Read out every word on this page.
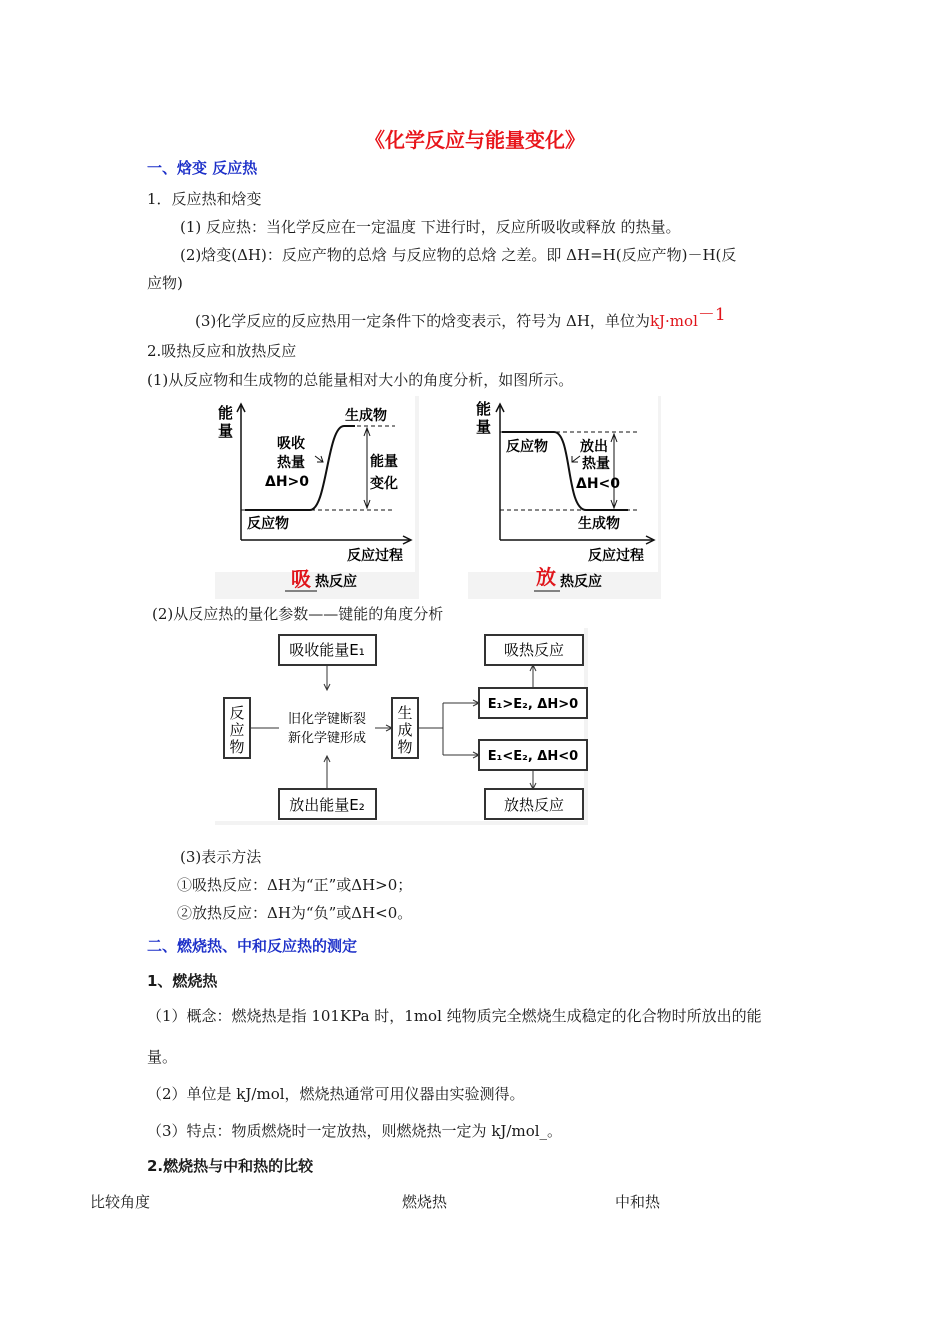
《化学反应与能量变化》
一、焓变 反应热
1．反应热和焓变
(1) 反应热：当化学反应在一定温度 下进行时，反应所吸收或释放 的热量。
(2)焓变(ΔH)：反应产物的总焓 与反应物的总焓 之差。即 ΔH=H(反应产物)－H(反
应物)
(3)化学反应的反应热用一定条件下的焓变表示，符号为 ΔH，单位为kJ·mol－1
2.吸热反应和放热反应
(1)从反应物和生成物的总能量相对大小的角度分析，如图所示。
能
量
生成物
吸收
热量
ΔH>0
能量
变化
反应物
反应过程
吸 热反应
能
量
反应物 放出
热量
ΔH<0
生成物
反应过程
放 热反应
(2)从反应热的量化参数——键能的角度分析
吸收能量E₁
反
应
物
旧化学键断裂
新化学键形成
生
成
物
放出能量E₂
吸热反应
E₁>E₂, ΔH>0
E₁<E₂, ΔH<0
放热反应
(3)表示方法
①吸热反应：ΔH为“正”或ΔH>0；
②放热反应：ΔH为“负”或ΔH<0。
二、燃烧热、中和反应热的测定
1、燃烧热
（1）概念：燃烧热是指 101KPa 时，1mol 纯物质完全燃烧生成稳定的化合物时所放出的能
量。
（2）单位是 kJ/mol，燃烧热通常可用仪器由实验测得。
（3）特点：物质燃烧时一定放热，则燃烧热一定为 kJ/mol_。
2.燃烧热与中和热的比较
比较角度	燃烧热	中和热
